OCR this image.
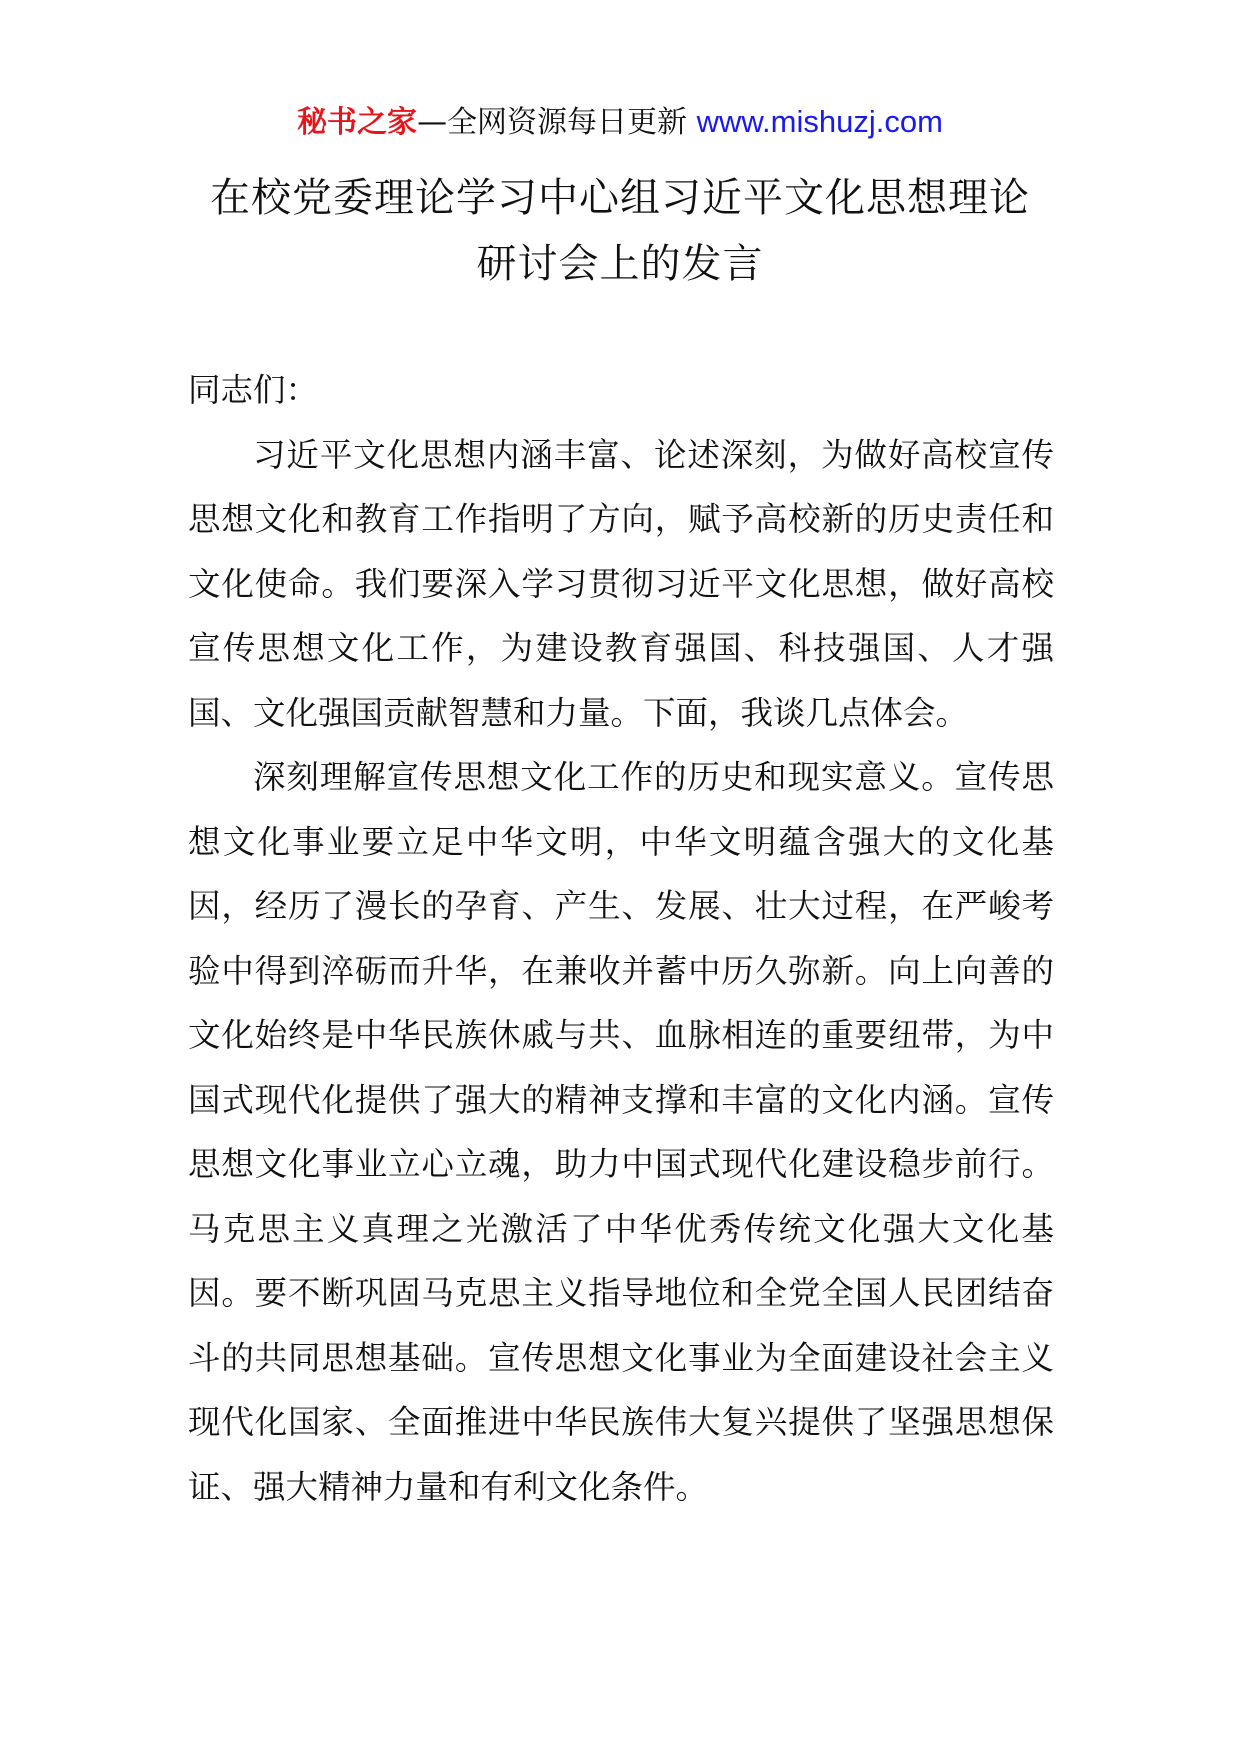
秘书之家—全网资源每日更新 www.mishuzj.com
在校党委理论学习中心组习近平文化思想理论
研讨会上的发言

同志们：

习近平文化思想内涵丰富、论述深刻，为做好高校宣传思想文化和教育工作指明了方向，赋予高校新的历史责任和文化使命。我们要深入学习贯彻习近平文化思想，做好高校宣传思想文化工作，为建设教育强国、科技强国、人才强国、文化强国贡献智慧和力量。下面，我谈几点体会。

深刻理解宣传思想文化工作的历史和现实意义。宣传思想文化事业要立足中华文明，中华文明蕴含强大的文化基因，经历了漫长的孕育、产生、发展、壮大过程，在严峻考验中得到淬砺而升华，在兼收并蓄中历久弥新。向上向善的文化始终是中华民族休戚与共、血脉相连的重要纽带，为中国式现代化提供了强大的精神支撑和丰富的文化内涵。宣传思想文化事业立心立魂，助力中国式现代化建设稳步前行。马克思主义真理之光激活了中华优秀传统文化强大文化基因。要不断巩固马克思主义指导地位和全党全国人民团结奋斗的共同思想基础。宣传思想文化事业为全面建设社会主义现代化国家、全面推进中华民族伟大复兴提供了坚强思想保证、强大精神力量和有利文化条件。
